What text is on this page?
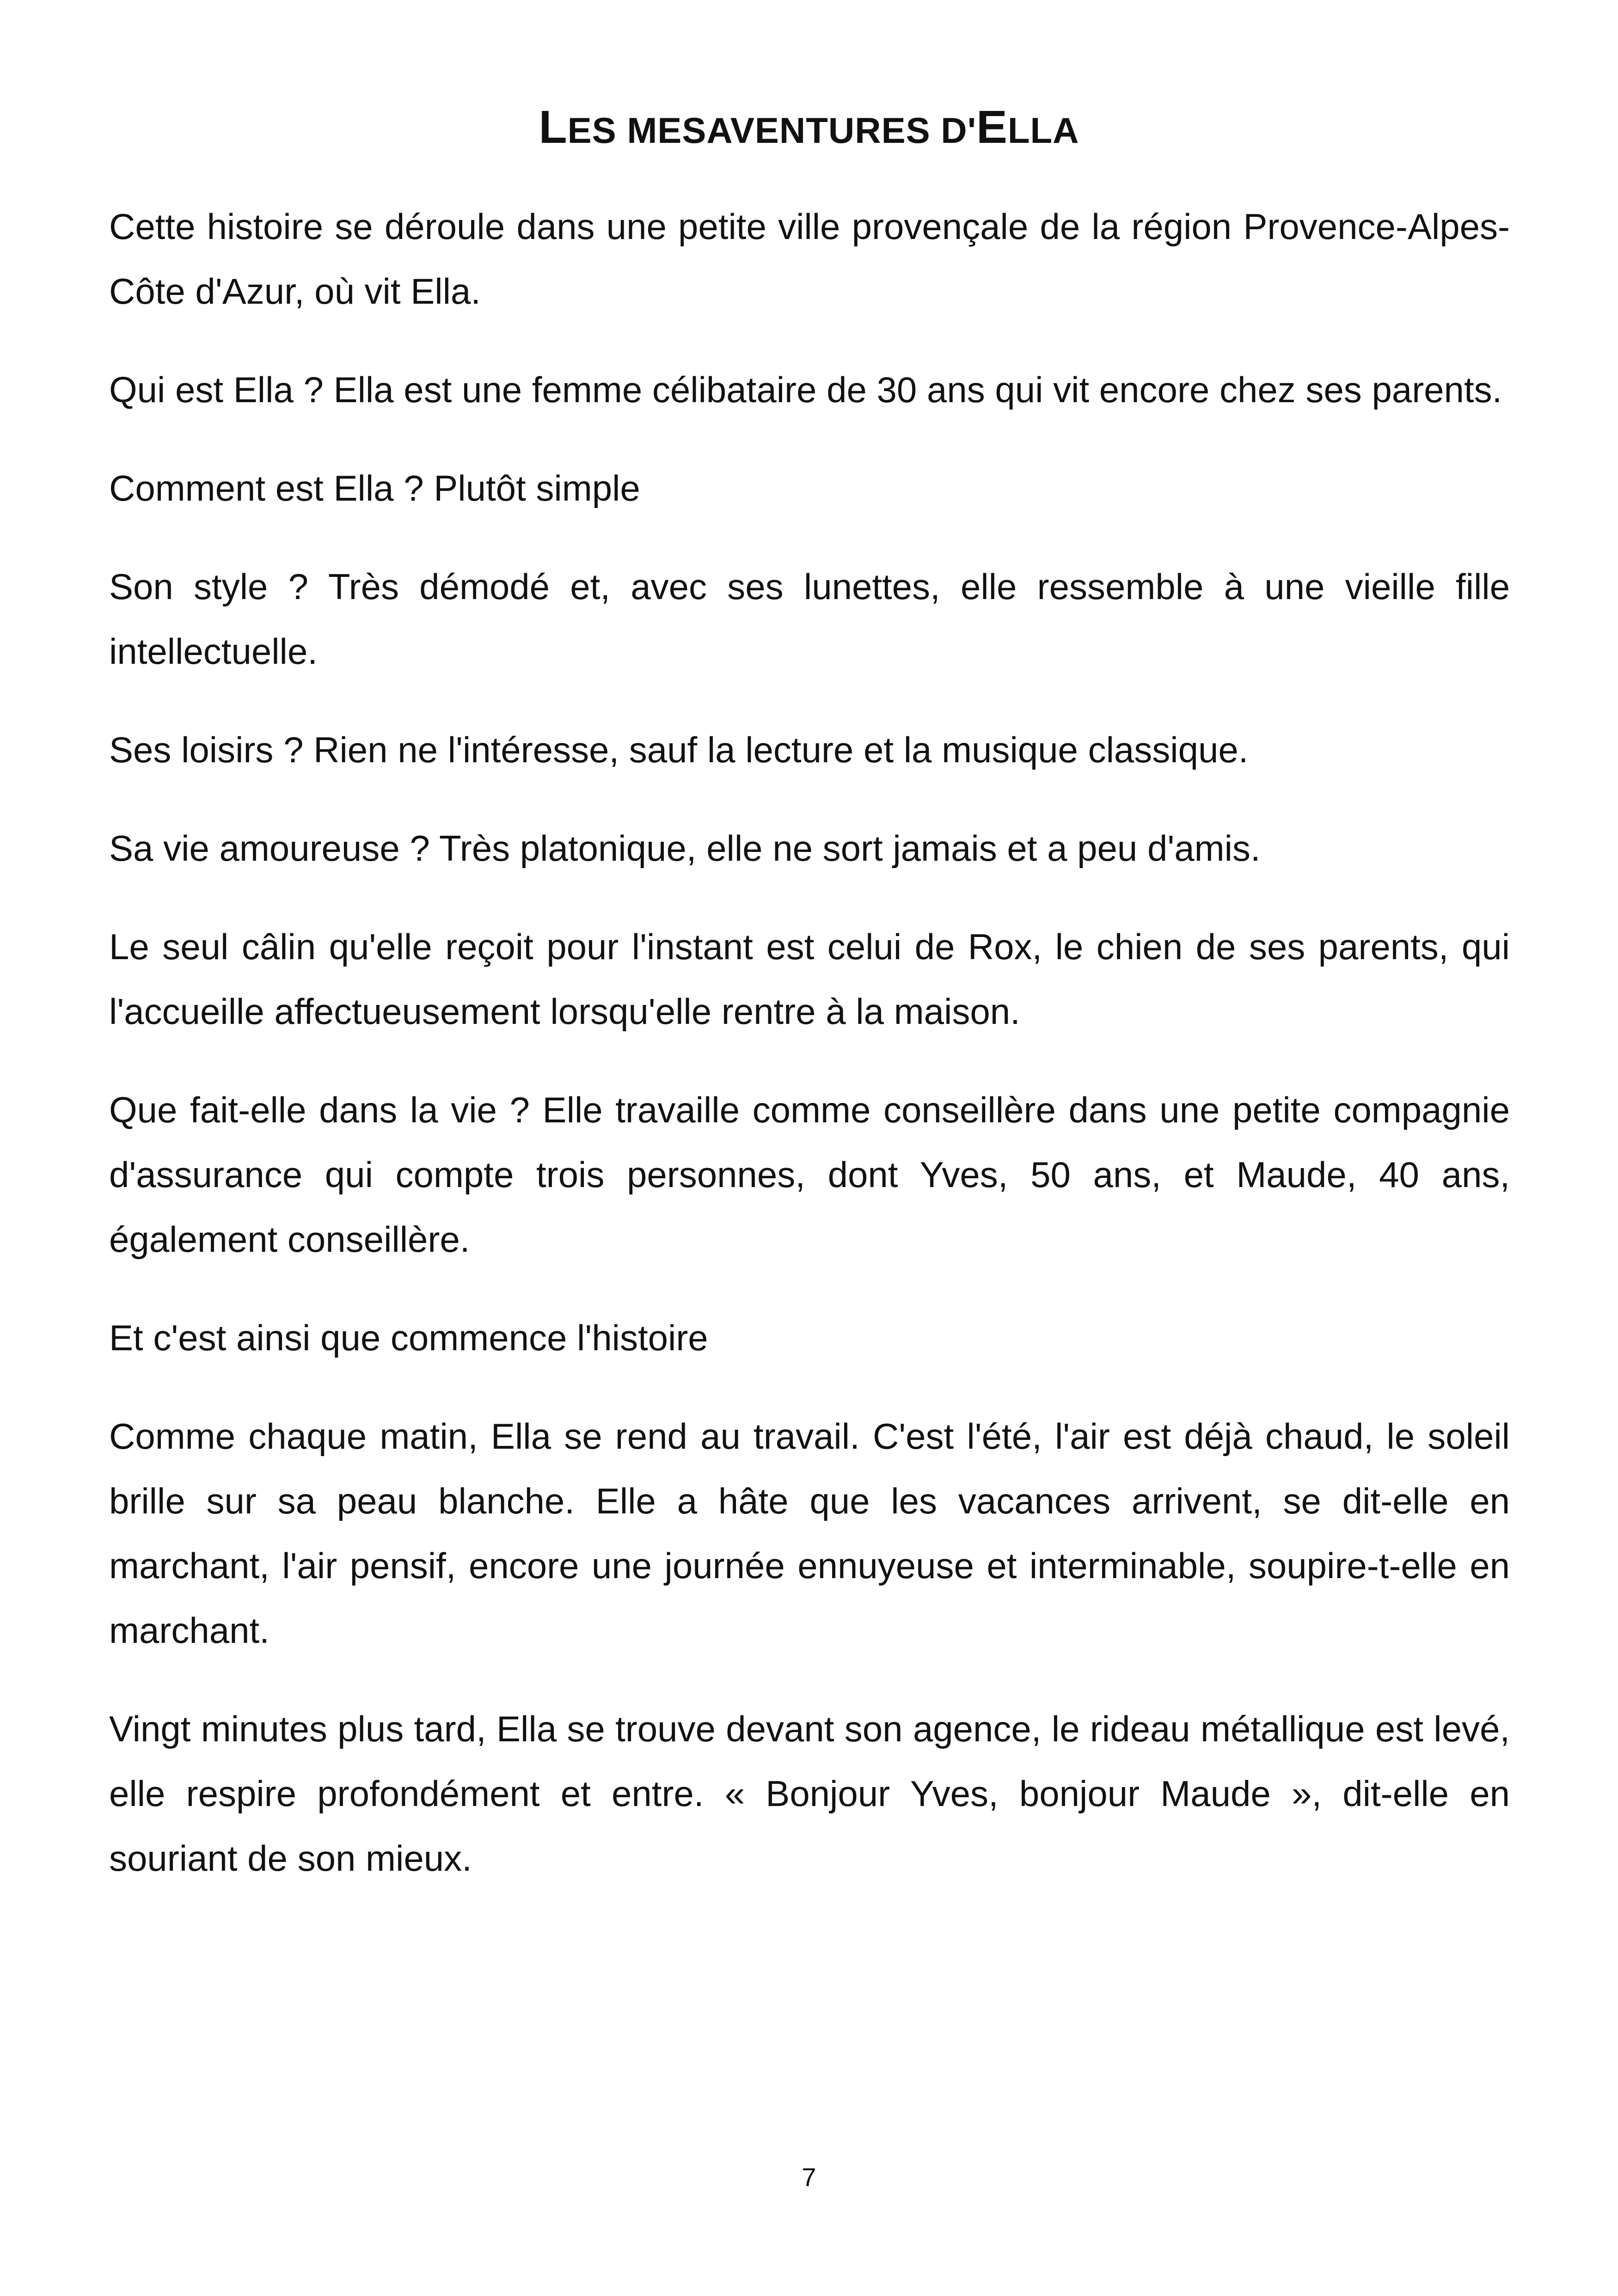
LES MESAVENTURES D'ELLA

Cette histoire se déroule dans une petite ville provençale de la région Provence-Alpes-Côte d'Azur, où vit Ella.

Qui est Ella ? Ella est une femme célibataire de 30 ans qui vit encore chez ses parents.

Comment est Ella ? Plutôt simple

Son style ? Très démodé et, avec ses lunettes, elle ressemble à une vieille fille intellectuelle.

Ses loisirs ? Rien ne l'intéresse, sauf la lecture et la musique classique.

Sa vie amoureuse ? Très platonique, elle ne sort jamais et a peu d'amis.

Le seul câlin qu'elle reçoit pour l'instant est celui de Rox, le chien de ses parents, qui l'accueille affectueusement lorsqu'elle rentre à la maison.

Que fait-elle dans la vie ? Elle travaille comme conseillère dans une petite compagnie d'assurance qui compte trois personnes, dont Yves, 50 ans, et Maude, 40 ans, également conseillère.

Et c'est ainsi que commence l'histoire

Comme chaque matin, Ella se rend au travail. C'est l'été, l'air est déjà chaud, le soleil brille sur sa peau blanche. Elle a hâte que les vacances arrivent, se dit-elle en marchant, l'air pensif, encore une journée ennuyeuse et interminable, soupire-t-elle en marchant.

Vingt minutes plus tard, Ella se trouve devant son agence, le rideau métallique est levé, elle respire profondément et entre. « Bonjour Yves, bonjour Maude », dit-elle en souriant de son mieux.

7
